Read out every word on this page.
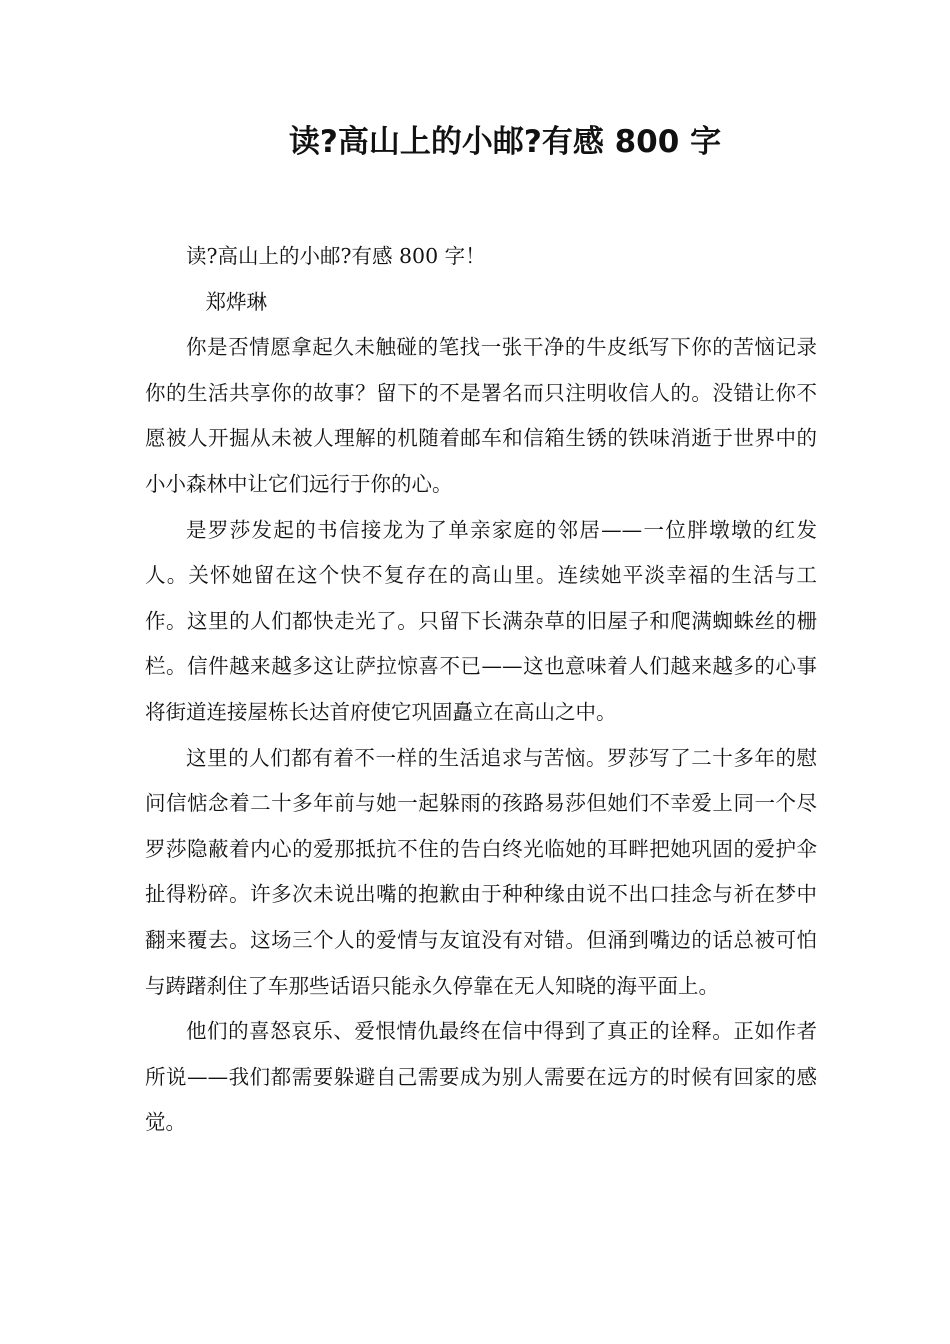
读?高山上的小邮?有感 800 字

读?高山上的小邮?有感 800 字！

郑烨琳

你是否情愿拿起久未触碰的笔找一张干净的牛皮纸写下你的苦恼记录你的生活共享你的故事？留下的不是署名而只注明收信人的。没错让你不愿被人开掘从未被人理解的机随着邮车和信箱生锈的铁味消逝于世界中的小小森林中让它们远行于你的心。

是罗莎发起的书信接龙为了单亲家庭的邻居——一位胖墩墩的红发人。关怀她留在这个快不复存在的高山里。连续她平淡幸福的生活与工作。这里的人们都快走光了。只留下长满杂草的旧屋子和爬满蜘蛛丝的栅栏。信件越来越多这让萨拉惊喜不已——这也意味着人们越来越多的心事将街道连接屋栋长达首府使它巩固矗立在高山之中。

这里的人们都有着不一样的生活追求与苦恼。罗莎写了二十多年的慰问信惦念着二十多年前与她一起躲雨的孩路易莎但她们不幸爱上同一个尽罗莎隐蔽着内心的爱那抵抗不住的告白终光临她的耳畔把她巩固的爱护伞扯得粉碎。许多次未说出嘴的抱歉由于种种缘由说不出口挂念与祈在梦中翻来覆去。这场三个人的爱情与友谊没有对错。但涌到嘴边的话总被可怕与踌躇刹住了车那些话语只能永久停靠在无人知晓的海平面上。

他们的喜怒哀乐、爱恨情仇最终在信中得到了真正的诠释。正如作者所说——我们都需要躲避自己需要成为别人需要在远方的时候有回家的感觉。
